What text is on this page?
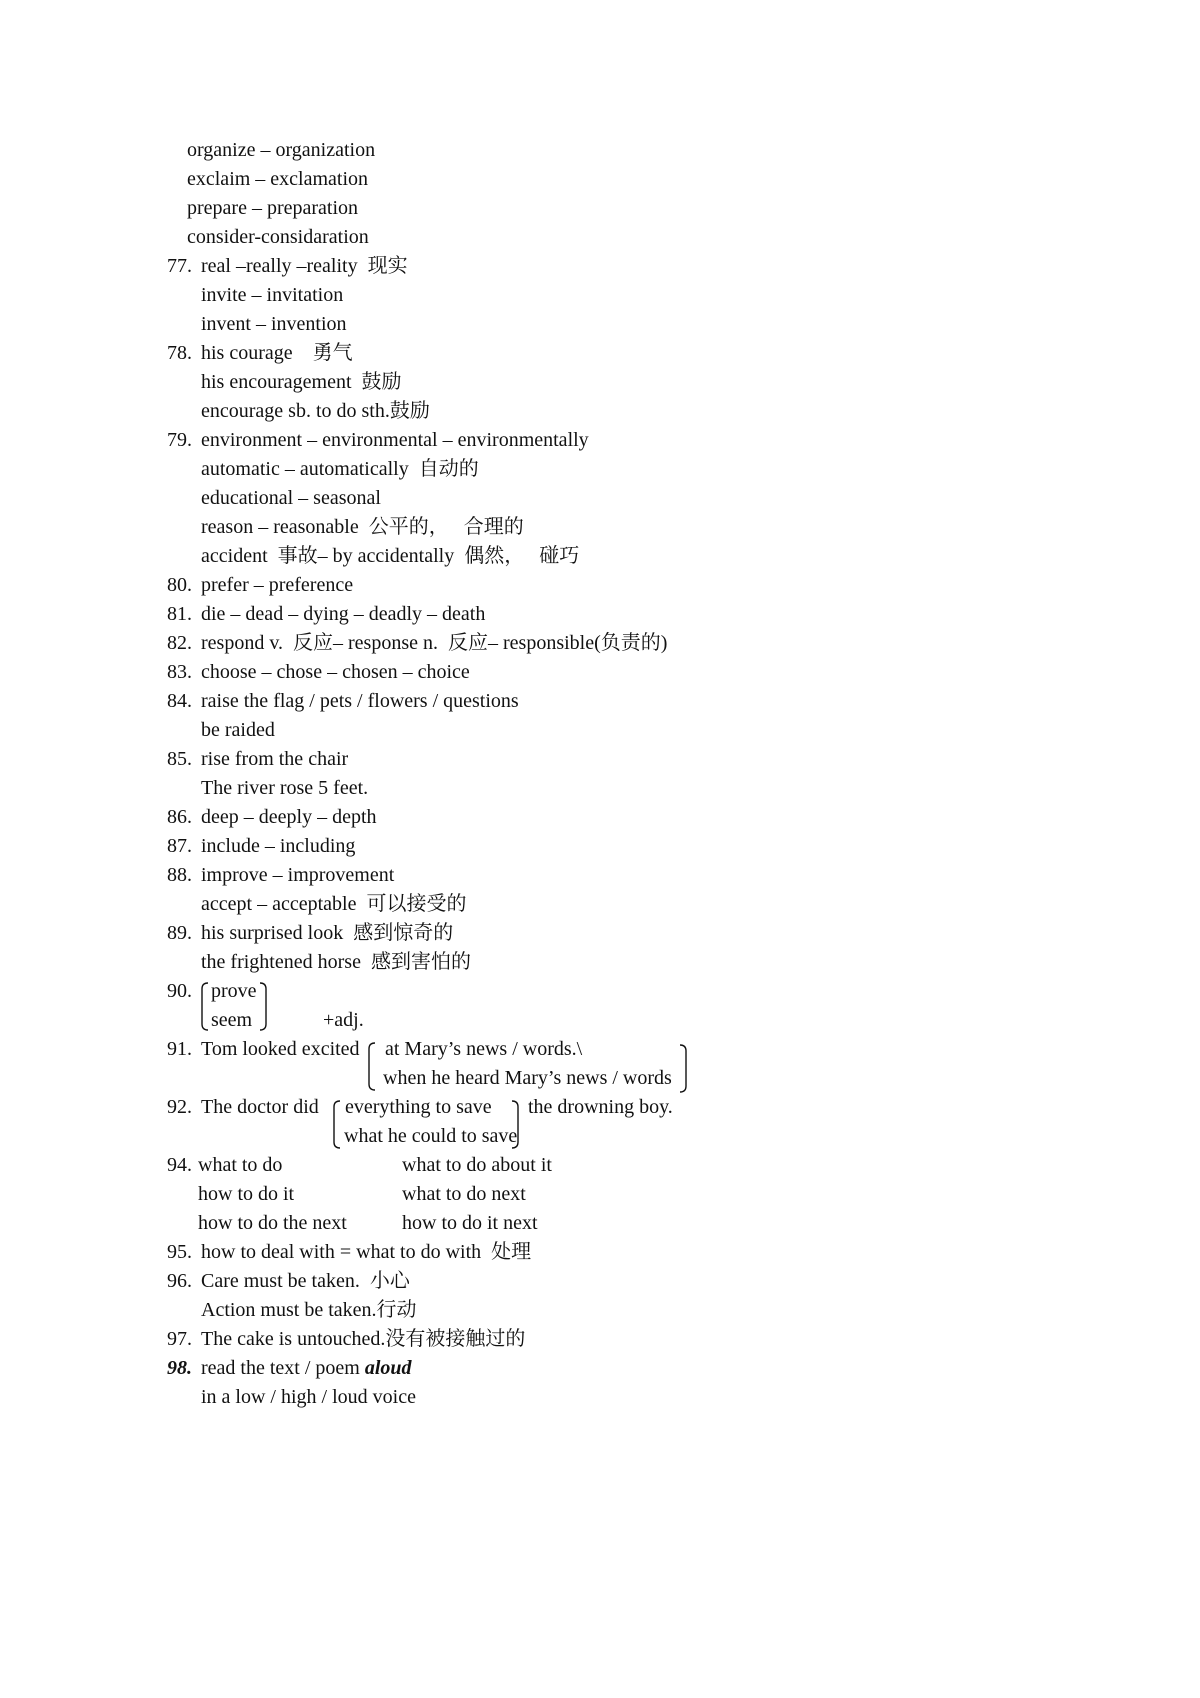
organize – organization
exclaim – exclamation
prepare – preparation
consider-considaration
77. real –really –reality  现实
invite – invitation
invent – invention
78. his courage    勇气
his encouragement  鼓励
encourage sb. to do sth.鼓励
79. environment – environmental – environmentally
automatic – automatically  自动的
educational – seasonal
reason – reasonable  公平的，   合理的
accident  事故– by accidentally  偶然，   碰巧
80. prefer – preference
81. die – dead – dying – deadly – death
82. respond v.  反应– response n.  反应– responsible(负责的)
83. choose – chose – chosen – choice
84. raise the flag / pets / flowers / questions
be raided
85. rise from the chair
The river rose 5 feet.
86. deep – deeply – depth
87. include – including
88. improve – improvement
accept – acceptable  可以接受的
89. his surprised look  感到惊奇的
the frightened horse  感到害怕的
90. prove
seem	+adj.
91. Tom looked excited at Mary’s news / words.\
when he heard Mary’s news / words
92. The doctor did everything to save
what he could to save
the drowning boy.
94. what to do	what to do about it
how to do it	what to do next
how to do the next	how to do it next
95. how to deal with = what to do with  处理
96. Care must be taken.  小心
Action must be taken.行动
97. The cake is untouched.没有被接触过的
98. read the text / poem aloud
in a low / high / loud voice
